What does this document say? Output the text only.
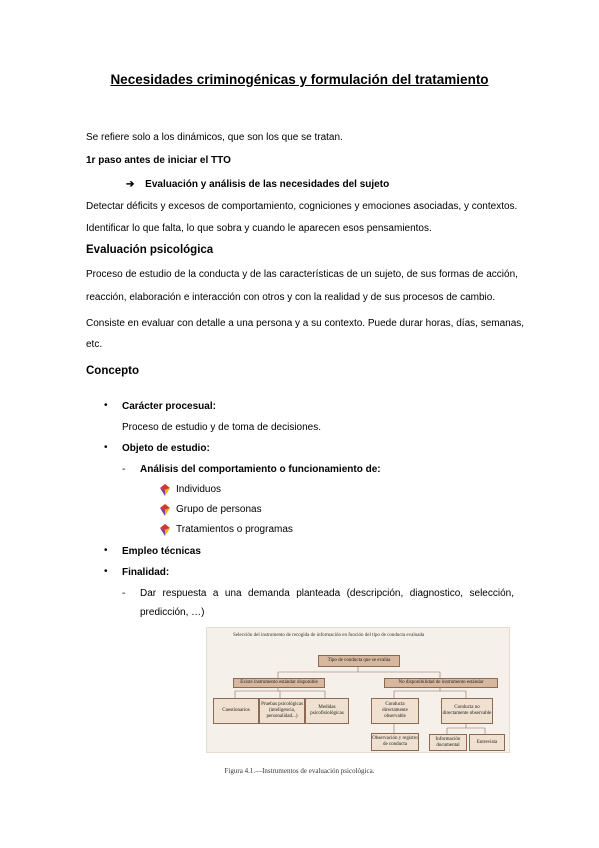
Necesidades criminogénicas y formulación del tratamiento
Se refiere solo a los dinámicos, que son los que se tratan.
1r paso antes de iniciar el TTO
➔ Evaluación y análisis de las necesidades del sujeto
Detectar déficits y excesos de comportamiento, cogniciones y emociones asociadas, y contextos.
Identificar lo que falta, lo que sobra y cuando le aparecen esos pensamientos.
Evaluación psicológica
Proceso de estudio de la conducta y de las características de un sujeto, de sus formas de acción,
reacción, elaboración e interacción con otros y con la realidad y de sus procesos de cambio.
Consiste en evaluar con detalle a una persona y a su contexto. Puede durar horas, días, semanas,
etc.
Concepto
• Carácter procesual:
Proceso de estudio y de toma de decisiones.
• Objeto de estudio:
- Análisis del comportamiento o funcionamiento de:
Individuos
Grupo de personas
Tratamientos o programas
• Empleo técnicas
• Finalidad:
- Dar respuesta a una demanda planteada (descripción, diagnostico, selección,
predicción, …)
Selección del instrumento de recogida de información en función del tipo de conducta evaluada
Tipo de conducta que se evalúa
Existe instrumento estándar disponible	No disponibilidad de instrumento estándar
Cuestionarios
Pruebas psicológicas (inteligencia, personalidad...)
Medidas psicofisiológicas
Conducta directamente observable
Conducta no directamente observable
Observación y registro de conducta
Información documental
Entrevista
Figura 4.1.—Instrumentos de evaluación psicológica.
